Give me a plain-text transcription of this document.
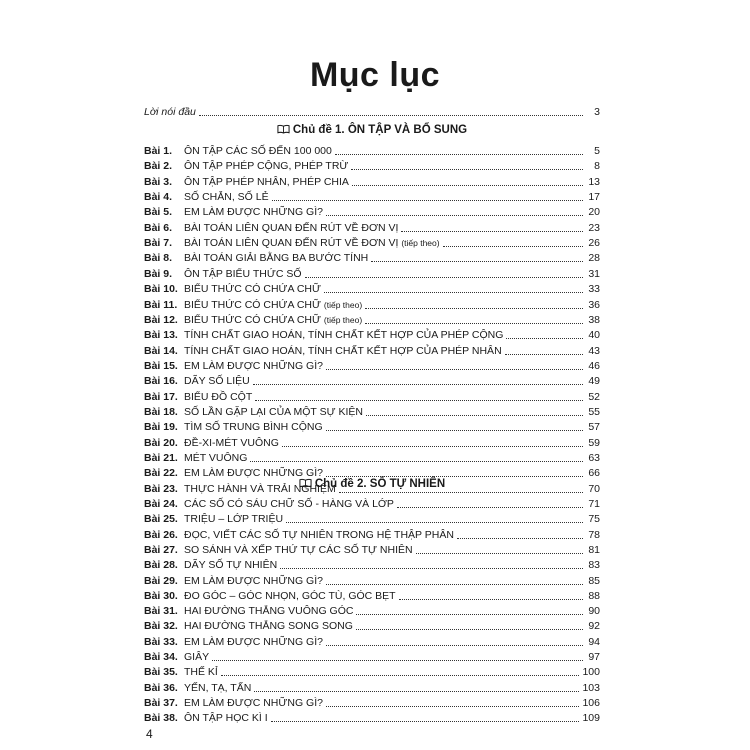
Mục lục
Lời nói đầu	3
Chủ đề 1. ÔN TẬP VÀ BỔ SUNG
Bài 1.	ÔN TẬP CÁC SỐ ĐẾN 100 000	5
Bài 2.	ÔN TẬP PHÉP CỘNG, PHÉP TRỪ	8
Bài 3.	ÔN TẬP PHÉP NHÂN, PHÉP CHIA	13
Bài 4.	SỐ CHẴN, SỐ LẺ	17
Bài 5.	EM LÀM ĐƯỢC NHỮNG GÌ?	20
Bài 6.	BÀI TOÁN LIÊN QUAN ĐẾN RÚT VỀ ĐƠN VỊ	23
Bài 7.	BÀI TOÁN LIÊN QUAN ĐẾN RÚT VỀ ĐƠN VỊ (tiếp theo)	26
Bài 8.	BÀI TOÁN GIẢI BẰNG BA BƯỚC TÍNH	28
Bài 9.	ÔN TẬP BIỂU THỨC SỐ	31
Bài 10. BIỂU THỨC CÓ CHỨA CHỮ	33
Bài 11. BIỂU THỨC CÓ CHỨA CHỮ (tiếp theo)	36
Bài 12. BIỂU THỨC CÓ CHỨA CHỮ (tiếp theo)	38
Bài 13. TÍNH CHẤT GIAO HOÁN, TÍNH CHẤT KẾT HỢP CỦA PHÉP CỘNG	40
Bài 14. TÍNH CHẤT GIAO HOÁN, TÍNH CHẤT KẾT HỢP CỦA PHÉP NHÂN	43
Bài 15. EM LÀM ĐƯỢC NHỮNG GÌ?	46
Bài 16. DÃY SỐ LIỆU	49
Bài 17. BIỂU ĐỒ CỘT	52
Bài 18. SỐ LẦN GẶP LẠI CỦA MỘT SỰ KIỆN	55
Bài 19. TÌM SỐ TRUNG BÌNH CỘNG	57
Bài 20. ĐỀ-XI-MÉT VUÔNG	59
Bài 21. MÉT VUÔNG	63
Bài 22. EM LÀM ĐƯỢC NHỮNG GÌ?	66
Bài 23. THỰC HÀNH VÀ TRẢI NGHIỆM	70
Chủ đề 2. SỐ TỰ NHIÊN
Bài 24. CÁC SỐ CÓ SÁU CHỮ SỐ - HÀNG VÀ LỚP	71
Bài 25. TRIỆU – LỚP TRIỆU	75
Bài 26. ĐỌC, VIẾT CÁC SỐ TỰ NHIÊN TRONG HỆ THẬP PHÂN	78
Bài 27. SO SÁNH VÀ XẾP THỨ TỰ CÁC SỐ TỰ NHIÊN	81
Bài 28. DÃY SỐ TỰ NHIÊN	83
Bài 29. EM LÀM ĐƯỢC NHỮNG GÌ?	85
Bài 30. ĐO GÓC – GÓC NHỌN, GÓC TÙ, GÓC BẸT	88
Bài 31. HAI ĐƯỜNG THẲNG VUÔNG GÓC	90
Bài 32. HAI ĐƯỜNG THẲNG SONG SONG	92
Bài 33. EM LÀM ĐƯỢC NHỮNG GÌ?	94
Bài 34. GIÂY	97
Bài 35. THẾ KỈ	100
Bài 36. YẾN, TẠ, TẤN	103
Bài 37. EM LÀM ĐƯỢC NHỮNG GÌ?	106
Bài 38. ÔN TẬP HỌC KÌ I	109
4
